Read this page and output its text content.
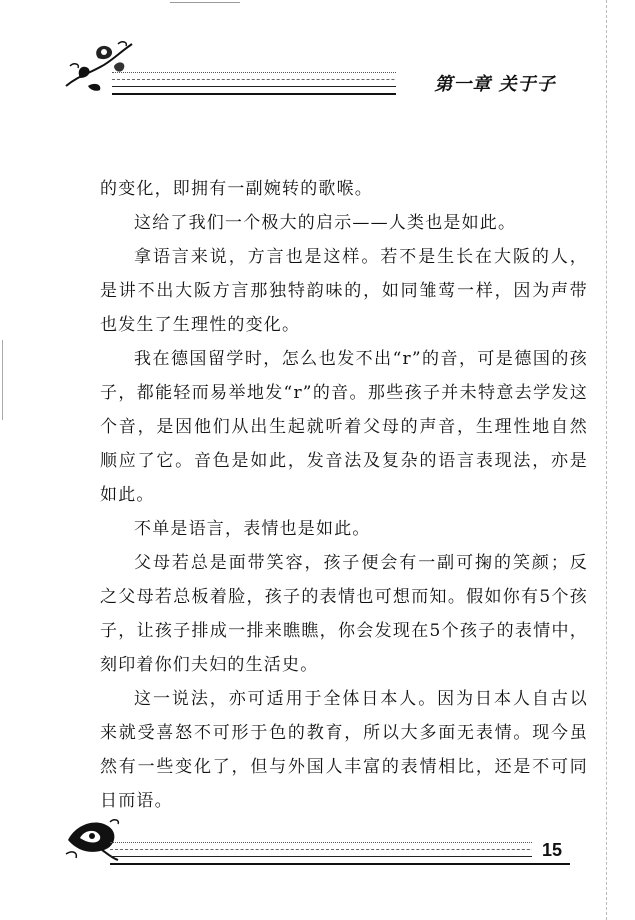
第一章 关于子

的变化，即拥有一副婉转的歌喉。

这给了我们一个极大的启示——人类也是如此。

拿语言来说，方言也是这样。若不是生长在大阪的人，是讲不出大阪方言那独特韵味的，如同雏莺一样，因为声带也发生了生理性的变化。

我在德国留学时，怎么也发不出“r”的音，可是德国的孩子，都能轻而易举地发“r”的音。那些孩子并未特意去学发这个音，是因他们从出生起就听着父母的声音，生理性地自然顺应了它。音色是如此，发音法及复杂的语言表现法，亦是如此。

不单是语言，表情也是如此。

父母若总是面带笑容，孩子便会有一副可掬的笑颜；反之父母若总板着脸，孩子的表情也可想而知。假如你有5个孩子，让孩子排成一排来瞧瞧，你会发现在5个孩子的表情中，刻印着你们夫妇的生活史。

这一说法，亦可适用于全体日本人。因为日本人自古以来就受喜怒不可形于色的教育，所以大多面无表情。现今虽然有一些变化了，但与外国人丰富的表情相比，还是不可同日而语。

15
